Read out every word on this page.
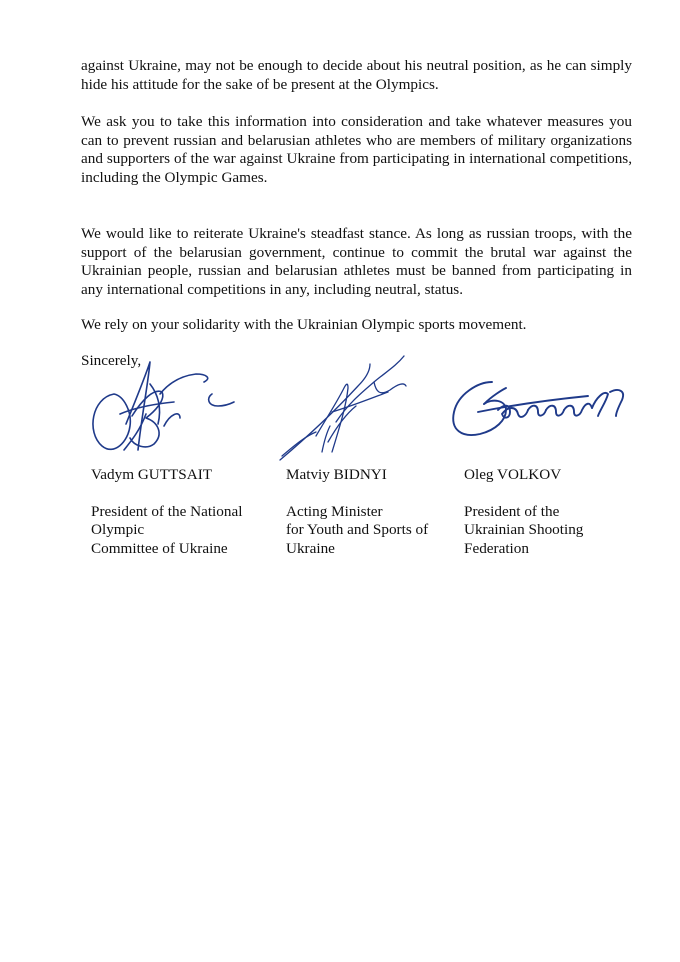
against Ukraine, may not be enough to decide about his neutral position, as he can simply hide his attitude for the sake of be present at the Olympics.

We ask you to take this information into consideration and take whatever measures you can to prevent russian and belarusian athletes who are members of military organizations and supporters of the war against Ukraine from participating in international competitions, including the Olympic Games.

We would like to reiterate Ukraine's steadfast stance. As long as russian troops, with the support of the belarusian government, continue to commit the brutal war against the Ukrainian people, russian and belarusian athletes must be banned from participating in any international competitions in any, including neutral, status.

We rely on your solidarity with the Ukrainian Olympic sports movement.

Sincerely,
Vadym GUTTSAIT
President of the National
Olympic
Committee of Ukraine
Matviy BIDNYI
Acting Minister
for Youth and Sports of
Ukraine
Oleg VOLKOV
President of the
Ukrainian Shooting
Federation
